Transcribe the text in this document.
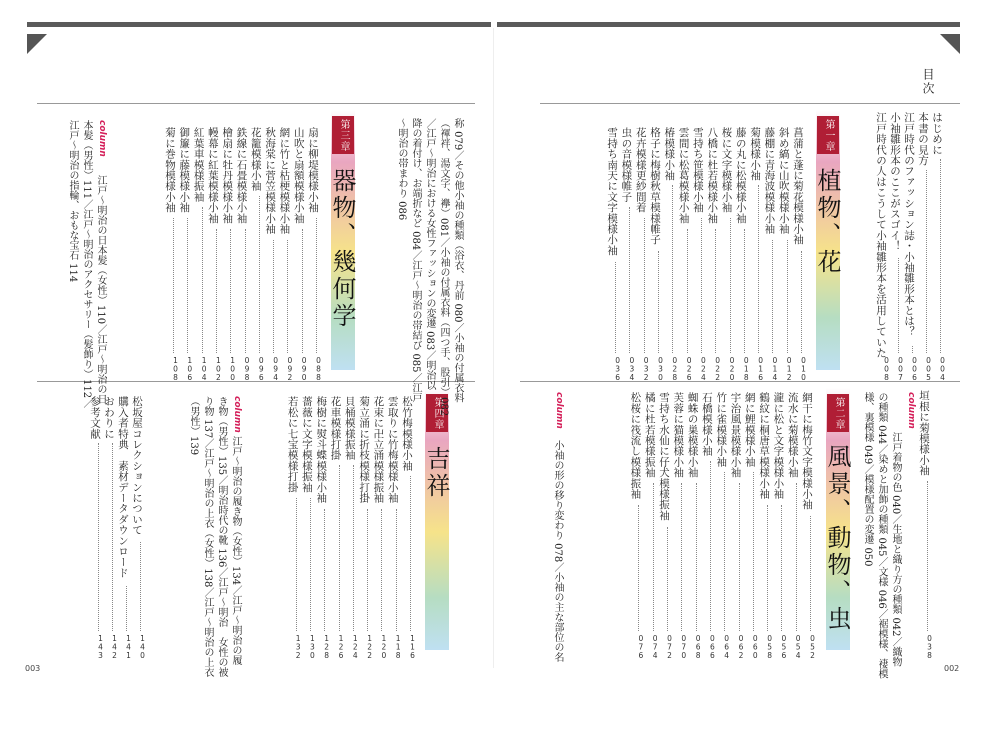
目次
003	002
第一章
植物、花
第二章
風景、動物、虫
第三章
器物、幾何学
第四章
吉祥
はじめに
004
本書の見方
005
江戸時代のファッション誌・小袖雛形本とは？
006
小袖雛形本のここがスゴイ！
007
江戸時代の人はこうして小袖雛形本を活用していた
008
菖蒲と蓬に菊花模様小袖
010
斜め縞に山吹模様小袖
012
藤棚に青海波模様小袖
014
菊模様小袖
016
藤の丸に松模様小袖
018
桜に文字模様小袖
020
八橋に杜若模様小袖
022
雪持ち笹模様小袖
024
雲間に松葛模様小袖
026
椿模様小袖
028
格子に梅樹秋草模様帷子
030
花卉模様更紗間着
032
虫の音模様帷子
034
雪持ち南天に文字模様小袖
036
垣根に菊模様小袖
038
column
江戸着物の色 040／生地と織り方の種類 042／織物
の種類 044／染めと加飾の種類 045／文様 046／裾模様、褄模
様、裏模様 049／模様配置の変遷 050
網干に梅竹文字模様小袖
052
流水に菊模様小袖
054
瀧に松と文字模様小袖
056
鶴紋に桐唐草模様小袖
058
網に鯉模様小袖
060
宇治風景模様小袖
062
竹に雀模様小袖
064
石橋模様小袖
066
蜘蛛の巣模様小袖
068
芙蓉に猫模様小袖
070
雪持ち水仙に仔犬模様振袖
072
橘に杜若模様振袖
074
松桜に筏流し模様振袖
076
column
小袖の形の移り変わり 078／小袖の主な部位の名
称 079／その他小袖の種類（浴衣、丹前 080／小袖の付属衣料
（褌袢、湯文字、襷）081／小袖の付属衣料（四つ手、股引）082
／江戸～明治における女性ファッションの変遷 083／明治以
降の着付け、お端折など 084／江戸～明治の帯結び 085／江戸
～明治の帯まわり 086
扇に柳堤模様小袖
088
山吹と扇額模様小袖
090
網に竹と枯梗模様小袖
092
秋海棠に菅笠模様小袖
094
花籠模様小袖
096
鉄線に石畳模様小袖
098
檜扇に牡丹模様小袖
100
幔幕に紅葉模様小袖
102
紅葉車模様振袖
104
御簾に藤模様小袖
106
菊に巻物模様小袖
108
column
江戸～明治の日本髪（女性）110／江戸～明治の日
本髪（男性）111／江戸～明治のアクセサリー（髪飾り）112／
江戸～明治の指輪、おもな宝石 114
松竹梅模様小袖
116
雲取りに竹梅模様小袖
118
花束に卍立涌模様振袖
120
菊立涌に折枝模様打掛
122
貝桶模様振袖
124
花車模様打掛
126
梅樹に熨斗蝶模様小袖
128
薔薇に文字模様振袖
130
若松に七宝模様打掛
132
column
江戸～明治の履き物（女性）134／江戸～明治の履
き物（男性）135／明治時代の靴 136／江戸～明治　女性の被
り物 137／江戸～明治の上衣（女性）138／江戸～明治の上衣
（男性）139
松坂屋コレクションについて
140
購入者特典　素材データダウンロード
141
おわりに
142
参考文献
143
